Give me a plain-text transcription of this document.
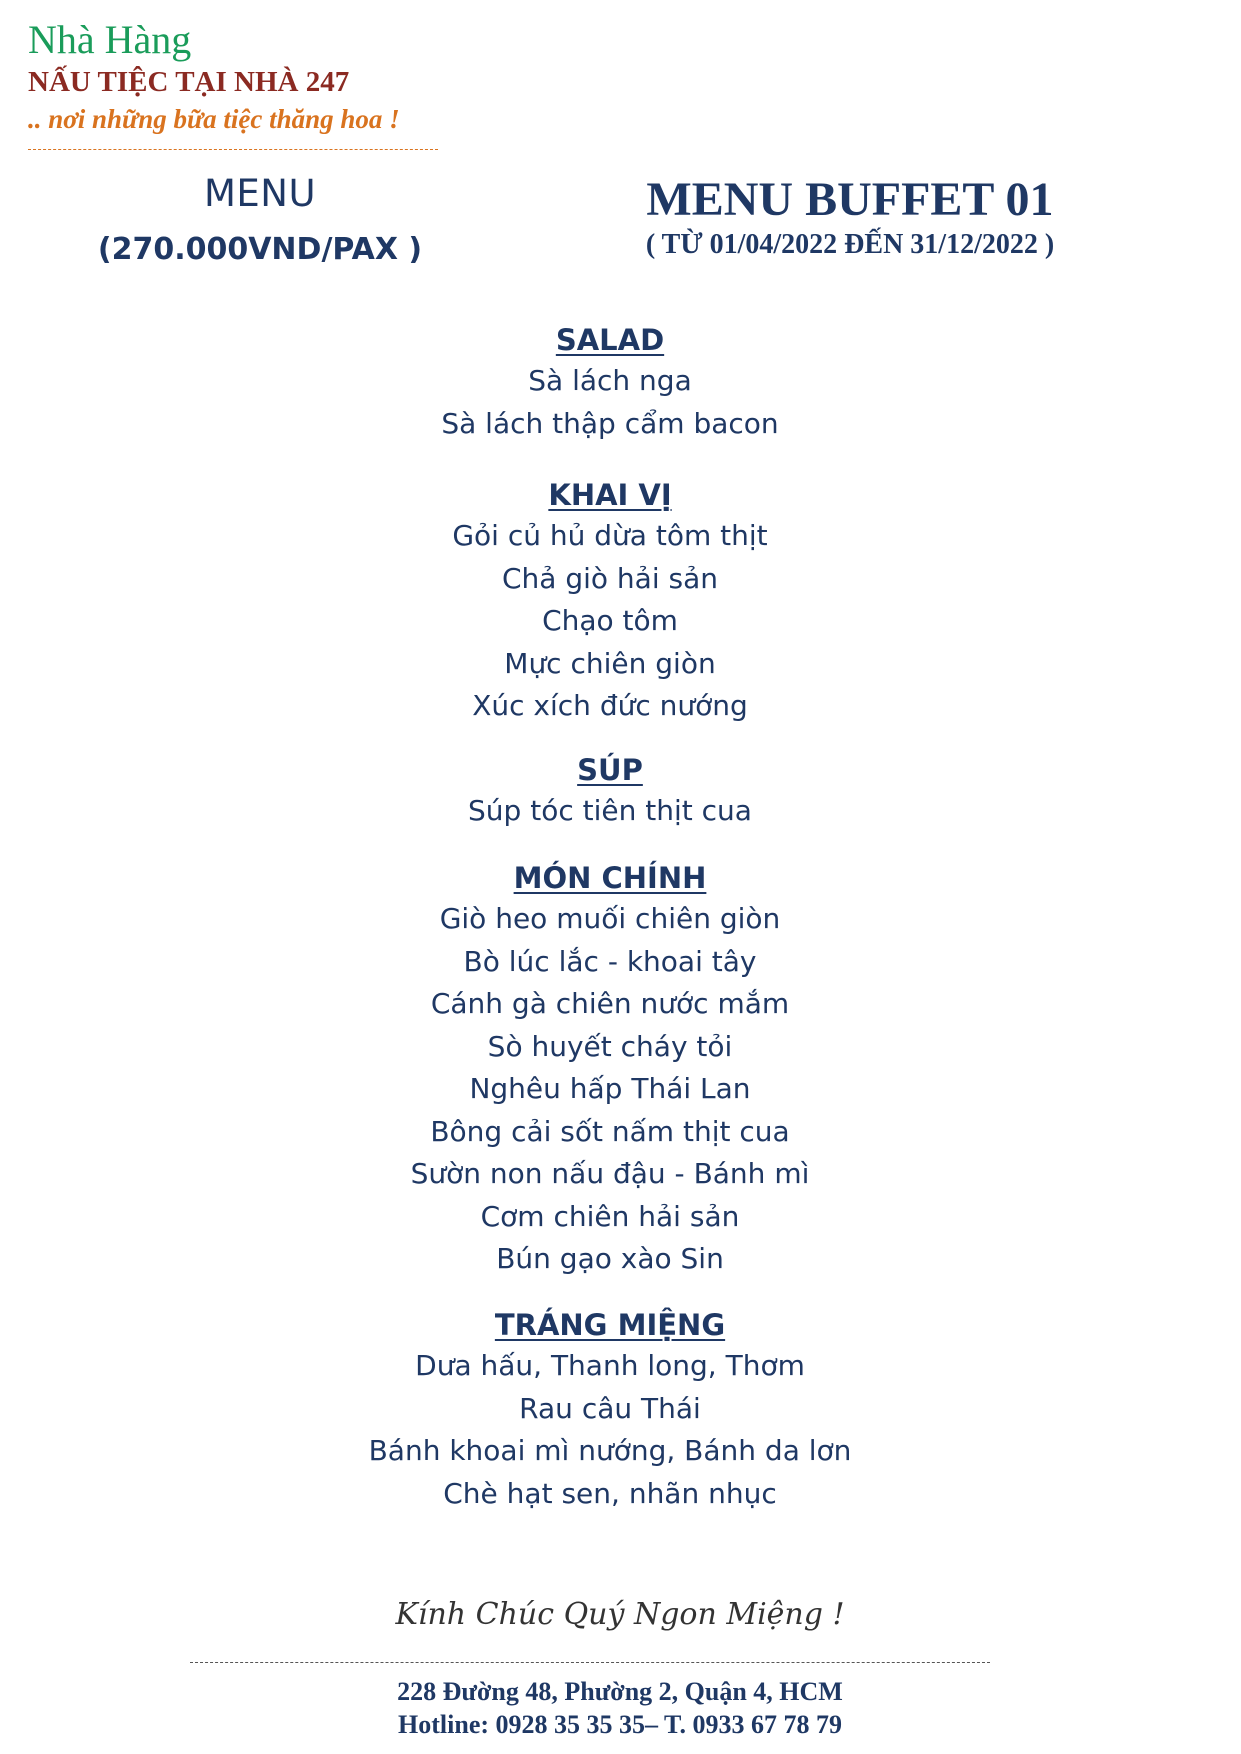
Nhà Hàng
NẤU TIỆC TẠI NHÀ 247
.. nơi những bữa tiệc thăng hoa !
MENU
(270.000VND/PAX )
MENU BUFFET 01
( TỪ 01/04/2022 ĐẾN 31/12/2022 )
SALAD
Sà lách nga
Sà lách thập cẩm bacon
KHAI VỊ
Gỏi củ hủ dừa tôm thịt
Chả giò hải sản
Chạo tôm
Mực chiên giòn
Xúc xích đức nướng
SÚP
Súp tóc tiên thịt cua
MÓN CHÍNH
Giò heo muối chiên giòn
Bò lúc lắc - khoai tây
Cánh gà chiên nước mắm
Sò huyết cháy tỏi
Nghêu hấp Thái Lan
Bông cải sốt nấm thịt cua
Sườn non nấu đậu - Bánh mì
Cơm chiên hải sản
Bún gạo xào Sin
TRÁNG MIỆNG
Dưa hấu, Thanh long, Thơm
Rau câu Thái
Bánh khoai mì nướng, Bánh da lơn
Chè hạt sen, nhãn nhục
Kính Chúc Quý Ngon Miệng !
228 Đường 48, Phường 2, Quận 4, HCM
Hotline: 0928 35 35 35– T. 0933 67 78 79
